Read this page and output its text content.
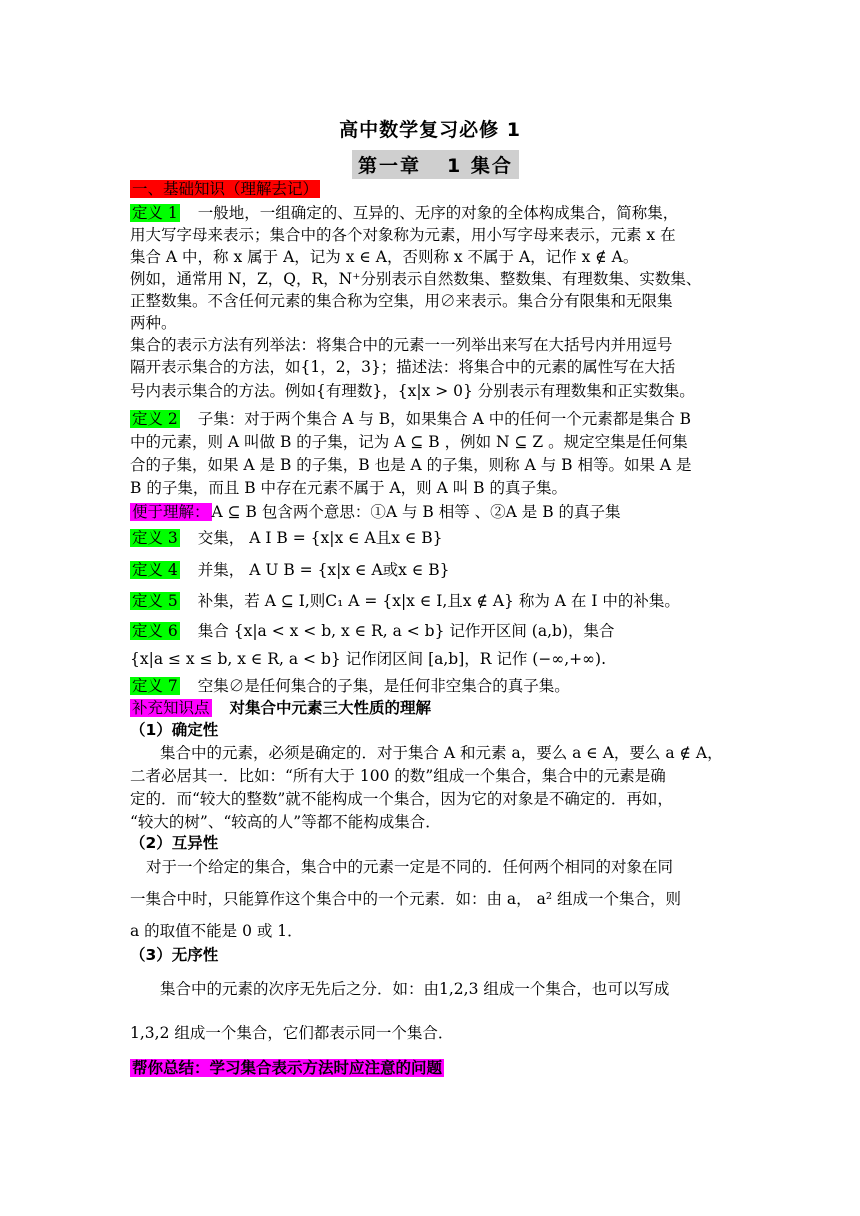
高中数学复习必修 1
第一章 1 集合
一、基础知识（理解去记）
定义 1 一般地，一组确定的、互异的、无序的对象的全体构成集合，简称集，
用大写字母来表示；集合中的各个对象称为元素，用小写字母来表示，元素 x 在
集合 A 中，称 x 属于 A，记为 x ∈ A，否则称 x 不属于 A，记作 x ∉ A。
例如，通常用 N，Z，Q，R，N⁺分别表示自然数集、整数集、有理数集、实数集、
正整数集。不含任何元素的集合称为空集，用∅来表示。集合分有限集和无限集
两种。
集合的表示方法有列举法：将集合中的元素一一列举出来写在大括号内并用逗号
隔开表示集合的方法，如{1，2，3}；描述法：将集合中的元素的属性写在大括
号内表示集合的方法。例如{有理数}，{x|x > 0} 分别表示有理数集和正实数集。
定义 2 子集：对于两个集合 A 与 B，如果集合 A 中的任何一个元素都是集合 B
中的元素，则 A 叫做 B 的子集，记为 A ⊆ B ，例如 N ⊆ Z 。规定空集是任何集
合的子集，如果 A 是 B 的子集，B 也是 A 的子集，则称 A 与 B 相等。如果 A 是
B 的子集，而且 B 中存在元素不属于 A，则 A 叫 B 的真子集。
便于理解： A ⊆ B 包含两个意思：①A 与 B 相等 、②A 是 B 的真子集
定义 3 交集， A I B = {x|x ∈ A且x ∈ B}
定义 4 并集， A U B = {x|x ∈ A或x ∈ B}
定义 5 补集，若 A ⊆ I,则C₁ A = {x|x ∈ I,且x ∉ A} 称为 A 在 I 中的补集。
定义 6 集合 {x|a < x < b, x ∈ R, a < b} 记作开区间 (a,b)，集合
{x|a ≤ x ≤ b, x ∈ R, a < b} 记作闭区间 [a,b]，R 记作 (−∞,+∞).
定义 7 空集∅是任何集合的子集，是任何非空集合的真子集。
补充知识点 对集合中元素三大性质的理解
（1）确定性
集合中的元素，必须是确定的．对于集合 A 和元素 a，要么 a ∈ A，要么 a ∉ A，
二者必居其一．比如：“所有大于 100 的数”组成一个集合，集合中的元素是确
定的．而“较大的整数”就不能构成一个集合，因为它的对象是不确定的．再如，
“较大的树”、“较高的人”等都不能构成集合．
（2）互异性
对于一个给定的集合，集合中的元素一定是不同的．任何两个相同的对象在同
一集合中时，只能算作这个集合中的一个元素．如：由 a， a² 组成一个集合，则
a 的取值不能是 0 或 1．
（3）无序性
集合中的元素的次序无先后之分．如：由1,2,3 组成一个集合，也可以写成
1,3,2 组成一个集合，它们都表示同一个集合．
帮你总结：学习集合表示方法时应注意的问题
